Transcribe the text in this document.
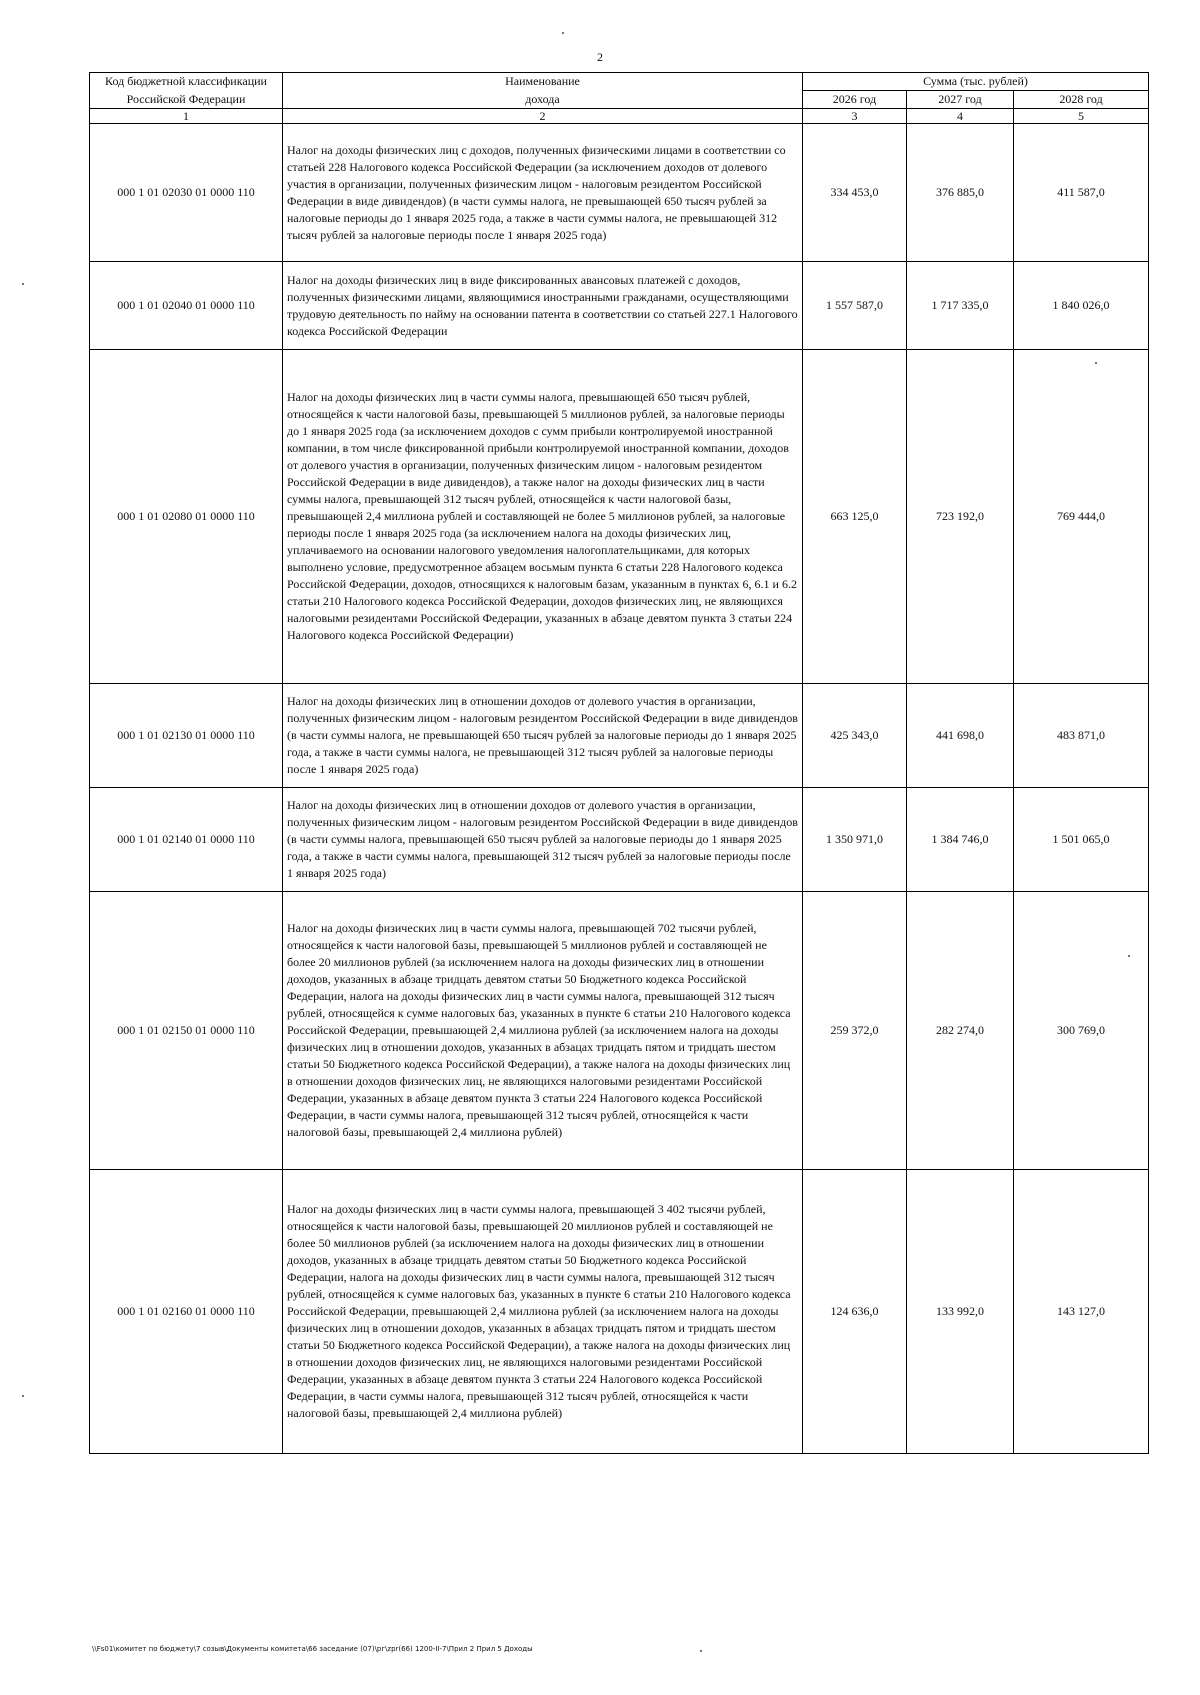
2
Код бюджетной классификации	Наименование	Сумма (тыс. рублей)		
Российской Федерации	дохода	2026 год	2027 год	2028 год
1	2	3	4	5
000 1 01 02030 01 0000 110	Налог на доходы физических лиц с доходов, полученных физическими лицами в соответствии со статьей 228 Налогового кодекса Российской Федерации (за исключением доходов от долевого участия в организации, полученных физическим лицом - налоговым резидентом Российской Федерации в виде дивидендов) (в части суммы налога, не превышающей 650 тысяч рублей за налоговые периоды до 1 января 2025 года, а также в части суммы налога, не превышающей 312 тысяч рублей за налоговые периоды после 1 января 2025 года)	334 453,0	376 885,0	411 587,0
000 1 01 02040 01 0000 110	Налог на доходы физических лиц в виде фиксированных авансовых платежей с доходов, полученных физическими лицами, являющимися иностранными гражданами, осуществляющими трудовую деятельность по найму на основании патента в соответствии со статьей 227.1 Налогового кодекса Российской Федерации	1 557 587,0	1 717 335,0	1 840 026,0
000 1 01 02080 01 0000 110	Налог на доходы физических лиц в части суммы налога, превышающей 650 тысяч рублей, относящейся к части налоговой базы, превышающей 5 миллионов рублей, за налоговые периоды до 1 января 2025 года (за исключением доходов с сумм прибыли контролируемой иностранной компании, в том числе фиксированной прибыли контролируемой иностранной компании, доходов от долевого участия в организации, полученных физическим лицом - налоговым резидентом Российской Федерации в виде дивидендов), а также налог на доходы физических лиц в части суммы налога, превышающей 312 тысяч рублей, относящейся к части налоговой базы, превышающей 2,4 миллиона рублей и составляющей не более 5 миллионов рублей, за налоговые периоды после 1 января 2025 года (за исключением налога на доходы физических лиц, уплачиваемого на основании налогового уведомления налогоплательщиками, для которых выполнено условие, предусмотренное абзацем восьмым пункта 6 статьи 228 Налогового кодекса Российской Федерации, доходов, относящихся к налоговым базам, указанным в пунктах 6, 6.1 и 6.2 статьи 210 Налогового кодекса Российской Федерации, доходов физических лиц, не являющихся налоговыми резидентами Российской Федерации, указанных в абзаце девятом пункта 3 статьи 224 Налогового кодекса Российской Федерации)	663 125,0	723 192,0	769 444,0
000 1 01 02130 01 0000 110	Налог на доходы физических лиц в отношении доходов от долевого участия в организации, полученных физическим лицом - налоговым резидентом Российской Федерации в виде дивидендов (в части суммы налога, не превышающей 650 тысяч рублей за налоговые периоды до 1 января 2025 года, а также в части суммы налога, не превышающей 312 тысяч рублей за налоговые периоды после 1 января 2025 года)	425 343,0	441 698,0	483 871,0
000 1 01 02140 01 0000 110	Налог на доходы физических лиц в отношении доходов от долевого участия в организации, полученных физическим лицом - налоговым резидентом Российской Федерации в виде дивидендов (в части суммы налога, превышающей 650 тысяч рублей за налоговые периоды до 1 января 2025 года, а также в части суммы налога, превышающей 312 тысяч рублей за налоговые периоды после 1 января 2025 года)	1 350 971,0	1 384 746,0	1 501 065,0
000 1 01 02150 01 0000 110	Налог на доходы физических лиц в части суммы налога, превышающей 702 тысячи рублей, относящейся к части налоговой базы, превышающей 5 миллионов рублей и составляющей не более 20 миллионов рублей (за исключением налога на доходы физических лиц в отношении доходов, указанных в абзаце тридцать девятом статьи 50 Бюджетного кодекса Российской Федерации, налога на доходы физических лиц в части суммы налога, превышающей 312 тысяч рублей, относящейся к сумме налоговых баз, указанных в пункте 6 статьи 210 Налогового кодекса Российской Федерации, превышающей 2,4 миллиона рублей (за исключением налога на доходы физических лиц в отношении доходов, указанных в абзацах тридцать пятом и тридцать шестом статьи 50 Бюджетного кодекса Российской Федерации), а также налога на доходы физических лиц в отношении доходов физических лиц, не являющихся налоговыми резидентами Российской Федерации, указанных в абзаце девятом пункта 3 статьи 224 Налогового кодекса Российской Федерации, в части суммы налога, превышающей 312 тысяч рублей, относящейся к части налоговой базы, превышающей 2,4 миллиона рублей)	259 372,0	282 274,0	300 769,0
000 1 01 02160 01 0000 110	Налог на доходы физических лиц в части суммы налога, превышающей 3 402 тысячи рублей, относящейся к части налоговой базы, превышающей 20 миллионов рублей и составляющей не более 50 миллионов рублей (за исключением налога на доходы физических лиц в отношении доходов, указанных в абзаце тридцать девятом статьи 50 Бюджетного кодекса Российской Федерации, налога на доходы физических лиц в части суммы налога, превышающей 312 тысяч рублей, относящейся к сумме налоговых баз, указанных в пункте 6 статьи 210 Налогового кодекса Российской Федерации, превышающей 2,4 миллиона рублей (за исключением налога на доходы физических лиц в отношении доходов, указанных в абзацах тридцать пятом и тридцать шестом статьи 50 Бюджетного кодекса Российской Федерации), а также налога на доходы физических лиц в отношении доходов физических лиц, не являющихся налоговыми резидентами Российской Федерации, указанных в абзаце девятом пункта 3 статьи 224 Налогового кодекса Российской Федерации, в части суммы налога, превышающей 312 тысяч рублей, относящейся к части налоговой базы, превышающей 2,4 миллиона рублей)	124 636,0	133 992,0	143 127,0
\\Fs01\комитет по бюджету\7 созыв\Документы комитета\66 заседание (07)\рг\zpr(66) 1200-II-7\Прил 2 Прил 5 Доходы
